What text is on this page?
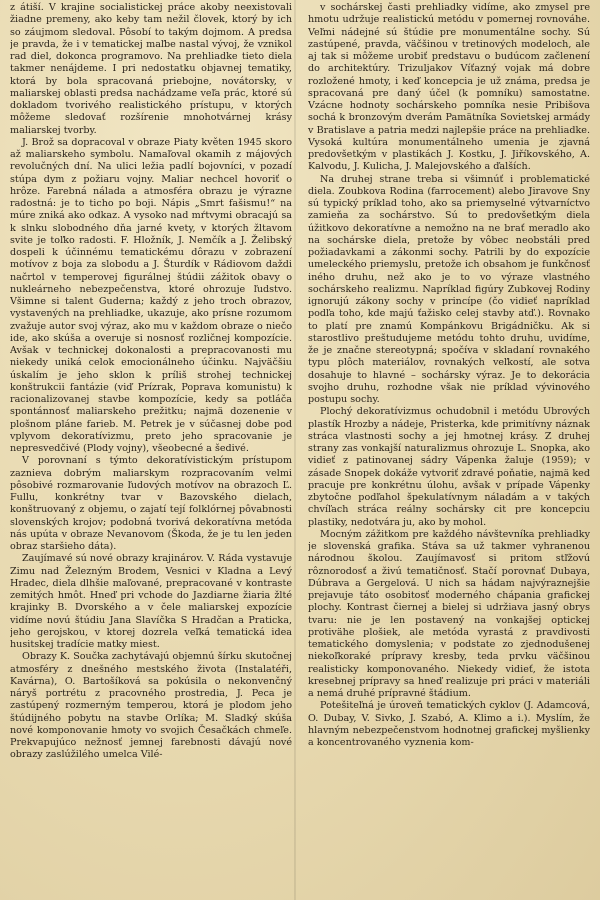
z átiší. V krajine socialistickej práce akoby neexistovali žiadne premeny, ako keby tam nežil človek, ktorý by ich so záujmom sledoval. Pôsobí to takým dojmom. A predsa je pravda, že i v tematickej maľbe nastal vývoj, že vznikol rad diel, dokonca programovo. Na prehliadke tieto diela takmer nenájdeme. I pri nedostatku objavnej tematiky, ktorá by bola spracovaná priebojne, novátorsky, v maliarskej oblasti predsa nachádzame veľa prác, ktoré sú dokladom tvorivého realistického prístupu, v ktorých môžeme sledovať rozšírenie mnohotvárnej krásy maliarskej tvorby.

J. Brož sa dopracoval v obraze Piaty květen 1945 skoro až maliarskeho symbolu. Namaľoval okamih z májových revolučných dní. Na ulici ležia padlí bojovníci, v pozadí stúpa dym z požiaru vojny. Maliar nechcel hovoriť o hrôze. Farebná nálada a atmosféra obrazu je výrazne radostná: je to ticho po boji. Nápis „Smrt fašismu!“ na múre zniká ako odkaz. A vysoko nad mŕtvymi obracajú sa k slnku slobodného dňa jarné kvety, v ktorých žltavom svite je toľko radosti. F. Hložník, J. Nemčík a J. Želibský dospeli k účinnému tematickému dôrazu v zobrazení motívov z boja za slobodu a J. Šturdík v Rádiovom daždi načrtol v temperovej figurálnej štúdii zážitok obavy o nukleárneho nebezpečenstva, ktoré ohrozuje ľudstvo. Všimne si talent Guderna; každý z jeho troch obrazov, vystavených na prehliadke, ukazuje, ako prísne rozumom zvažuje autor svoj výraz, ako mu v každom obraze o niečo ide, ako skúša a overuje si nosnosť rozličnej kompozície. Avšak v technickej dokonalosti a prepracovanosti mu niekedy uniká celok emocionálneho účinku. Najväčšiu úskalím je jeho sklon k príliš strohej technickej konštrukcii fantázie (viď Prízrak, Poprava komunistu) k racionalizovanej stavbe kompozície, kedy sa potláča spontánnosť maliarskeho prežitku; najmä dozenenie v plošnom pláne farieb. M. Petrek je v súčasnej dobe pod vplyvom dekoratívizmu, preto jeho spracovanie je nepresvedčivé (Plody vojny), všeobecné a šedivé.

V porovnaní s týmto dekoratívistickým prístupom zaznieva dobrým maliarskym rozpracovaním velmi pôsobivé rozmarovanie ľudových motívov na obrazoch Ľ. Fullu, konkrétny tvar v Bazovského dielach, konštruovaný z objemu, o zajatí tejí folklórnej pôvabnosti slovenských krojov; podobná tvorivá dekoratívna metóda nás upúta v obraze Nevanovom (Škoda, že je tu len jeden obraz staršieho dáta).

Zaujímavé sú nové obrazy krajinárov. V. Ráda vystavuje Zimu nad Železným Brodem, Vesnici v Kladna a Levý Hradec, diela dlhšie maľované, prepracované v kontraste zemitých hmôt. Hneď pri vchode do Jazdiarne žiaria žlté krajinky B. Dvorského a v čele maliarskej expozície vidíme novú štúdiu Jana Slavíčka S Hradčan a Praticka, jeho gerojskou, v ktorej dozrela veľká tematická idea husitskej tradície matky miest.

Obrazy K. Součka zachytávajú objemnú šírku skutočnej atmosféry z dnešného mestského života (Instalatéři, Kavárna), O. Bartošíková sa pokúsila o nekonvenčný náryš portrétu z pracovného prostredia, J. Peca je zastúpený rozmerným temperou, ktorá je plodom jeho štúdijného pobytu na stavbe Orlíka; M. Sladký skúša nové komponovanie hmoty vo svojich Česačkách chmeľe. Prekvapujúco nežnosť jemnej farebnosti dávajú nové obrazy zaslúžilého umelca Vilé-

v sochárskej časti prehliadky vidíme, ako zmysel pre hmotu udržuje realistickú metódu v pomernej rovnováhe. Veľmi nádejné sú štúdie pre monumentálne sochy. Sú zastúpené, pravda, väčšinou v tretinových modeloch, ale aj tak si môžeme urobiť predstavu o budúcom začlenení do architektúry. Trizuljakov Víťazný vojak má dobre rozložené hmoty, i keď koncepcia je už známa, predsa je spracovaná pre daný účel (k pomníku) samostatne. Vzácne hodnoty sochárskeho pomníka nesie Pribišova sochá k bronzovým dverám Pamätníka Sovietskej armády v Bratislave a patria medzi najlepšie práce na prehliadke. Vysoká kultúra monumentálneho umenia je zjavná predovšetkým v plastikách J. Kostku, J. Jiříkovského, A. Kalvodu, J. Kulicha, J. Malejovského a ďalších.

Na druhej strane treba si všimnúť i problematické diela. Zoubkova Rodina (farrocement) alebo Jiravove Sny sú typický príklad toho, ako sa priemyselné výtvarníctvo zamieňa za sochárstvo. Sú to predovšetkým diela úžitkovo dekoratívne a nemožno na ne brať meradlo ako na sochárske diela, pretože by vôbec neobstáli pred požiadavkami a zákonmi sochy. Patrili by do expozície umeleckého priemyslu, pretože ich obsahom je funkčnosť iného druhu, než ako je to vo výraze vlastného sochárskeho realizmu. Napríklad figúry Zubkovej Rodiny ignorujú zákony sochy v princípe (čo vidieť napríklad podľa toho, kde majú ťažisko celej stavby atď.). Rovnako to platí pre znamú Kompánkovu Brigádničku. Ak si starostlivo preštudujeme metódu tohto druhu, uvidíme, že je značne stereotypná; spočíva v skladaní rovnakého typu plôch materiálov, rovnakých veľkostí, ale sotva dosahuje to hlavné – sochársky výraz. Je to dekorácia svojho druhu, rozhodne však nie príklad vývinového postupu sochy.

Plochý dekoratívizmus ochudobnil i metódu Ubrových plastík Hrozby a nádeje, Pristerka, kde primitívny náznak stráca vlastnosti sochy a jej hmotnej krásy. Z druhej strany zas vonkajší naturalizmus ohrozuje L. Snopka, ako vidieť z patinovanej sádry Vápenka žaluje (1959); v zásade Snopek dokáže vytvoriť zdravé poňatie, najmä keď pracuje pre konkrétnu úlohu, avšak v prípade Vápenky zbytočne podľahol špekulatívnym náladám a v takých chvíľach stráca reálny sochársky cit pre koncepciu plastiky, nedotvára ju, ako by mohol.

Mocným zážitkom pre každého návštevníka prehliadky je slovenská grafika. Stáva sa už takmer vyhranenou národnou školou. Zaujímavosť si pritom stľžovú rôznorodosť a živú tematičnosť. Stačí porovnať Dubaya, Dúbrava a Gergelová. U nich sa hádam najvýraznejšie prejavuje táto osobitosť moderného chápania grafickej plochy. Kontrast čiernej a bielej si udržiava jasný obrys tvaru: nie je len postavený na vonkajšej optickej protivähe plošiek, ale metóda vyrastá z pravdivosti tematického domyslenia; v podstate zo zjednodušenej niekoľkoraké prípravy kresby, teda prvku väčšinou realisticky komponovaného. Niekedy vidieť, že istota kresebnej prípravy sa hneď realizuje pri práci v materiáli a nemá druhé prípravné štádium.

Potešiteľná je úroveň tematických cyklov (J. Adamcová, O. Dubay, V. Sivko, J. Szabó, A. Klimo a i.). Myslím, že hlavným nebezpečenstvom hodnotnej grafickej myšlienky a koncentrovaného vyznenia kom-
